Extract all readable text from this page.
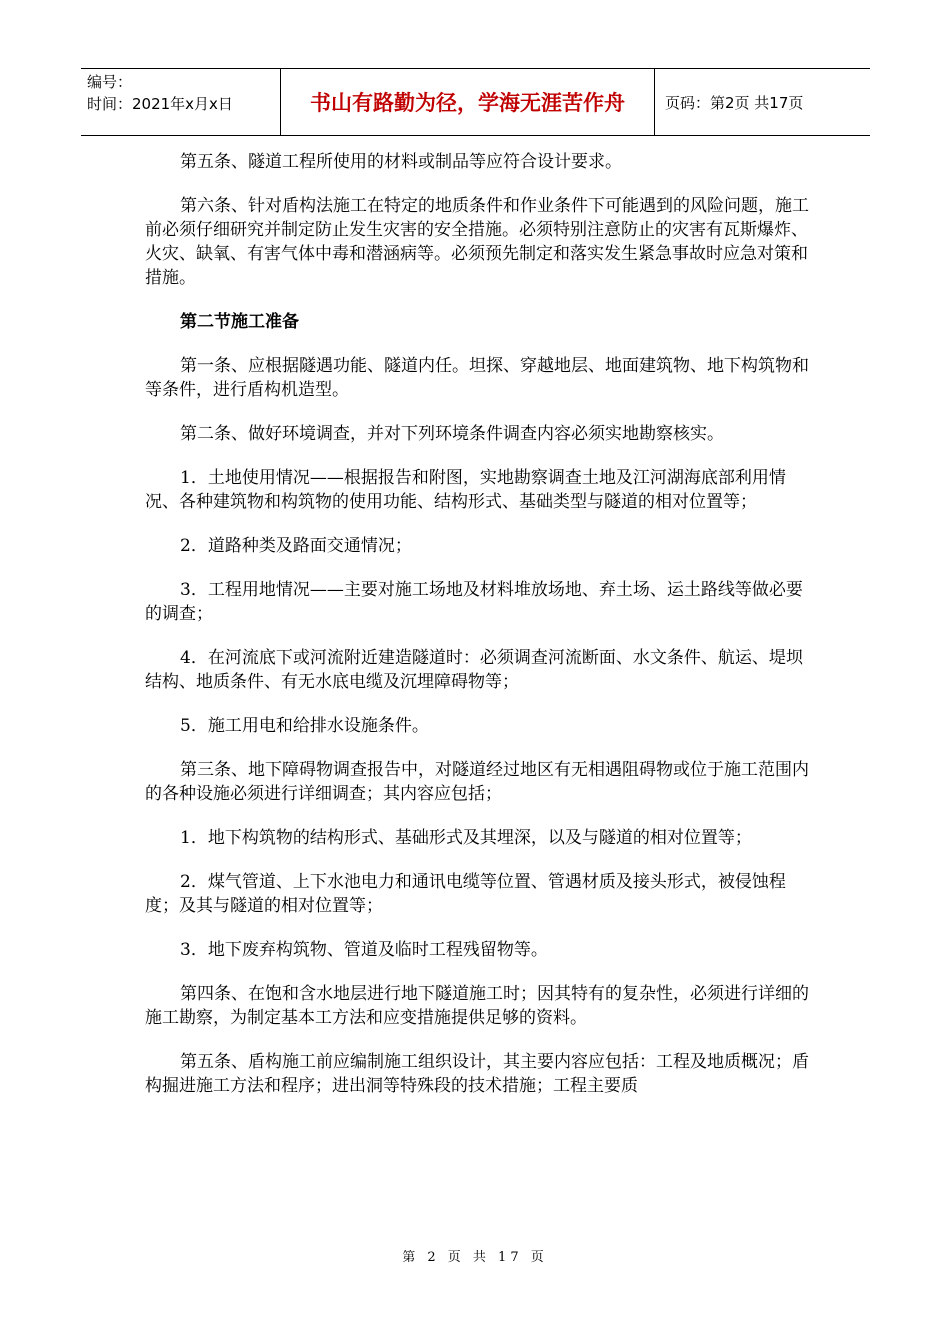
编号：
时间：2021年x月x日	书山有路勤为径，学海无涯苦作舟	页码：第2页 共17页

第五条、隧道工程所使用的材料或制品等应符合设计要求。

第六条、针对盾构法施工在特定的地质条件和作业条件下可能遇到的风险问题，施工前必须仔细研究并制定防止发生灾害的安全措施。必须特别注意防止的灾害有瓦斯爆炸、火灾、缺氧、有害气体中毒和潜涵病等。必须预先制定和落实发生紧急事故时应急对策和措施。

第二节施工准备

第一条、应根据隧遇功能、隧道内任。坦探、穿越地层、地面建筑物、地下构筑物和等条件，进行盾构机造型。

第二条、做好环境调查，并对下列环境条件调查内容必须实地勘察核实。

1．土地使用情况——根据报告和附图，实地勘察调查土地及江河湖海底部利用情况、各种建筑物和构筑物的使用功能、结构形式、基础类型与隧道的相对位置等；

2．道路种类及路面交通情况；

3．工程用地情况——主要对施工场地及材料堆放场地、弃土场、运土路线等做必要的调查；

4．在河流底下或河流附近建造隧道时：必须调查河流断面、水文条件、航运、堤坝结构、地质条件、有无水底电缆及沉埋障碍物等；

5．施工用电和给排水设施条件。

第三条、地下障碍物调查报告中，对隧道经过地区有无相遇阻碍物或位于施工范围内的各种设施必须进行详细调查；其内容应包括；

1．地下构筑物的结构形式、基础形式及其埋深，以及与隧道的相对位置等；

2．煤气管道、上下水池电力和通讯电缆等位置、管遇材质及接头形式，被侵蚀程度；及其与隧道的相对位置等；

3．地下废弃构筑物、管道及临时工程残留物等。

第四条、在饱和含水地层进行地下隧道施工时；因其特有的复杂性，必须进行详细的施工勘察，为制定基本工方法和应变措施提供足够的资料。

第五条、盾构施工前应编制施工组织设计，其主要内容应包括：工程及地质概况；盾构掘进施工方法和程序；进出洞等特殊段的技术措施；工程主要质

第 2 页 共 17 页
